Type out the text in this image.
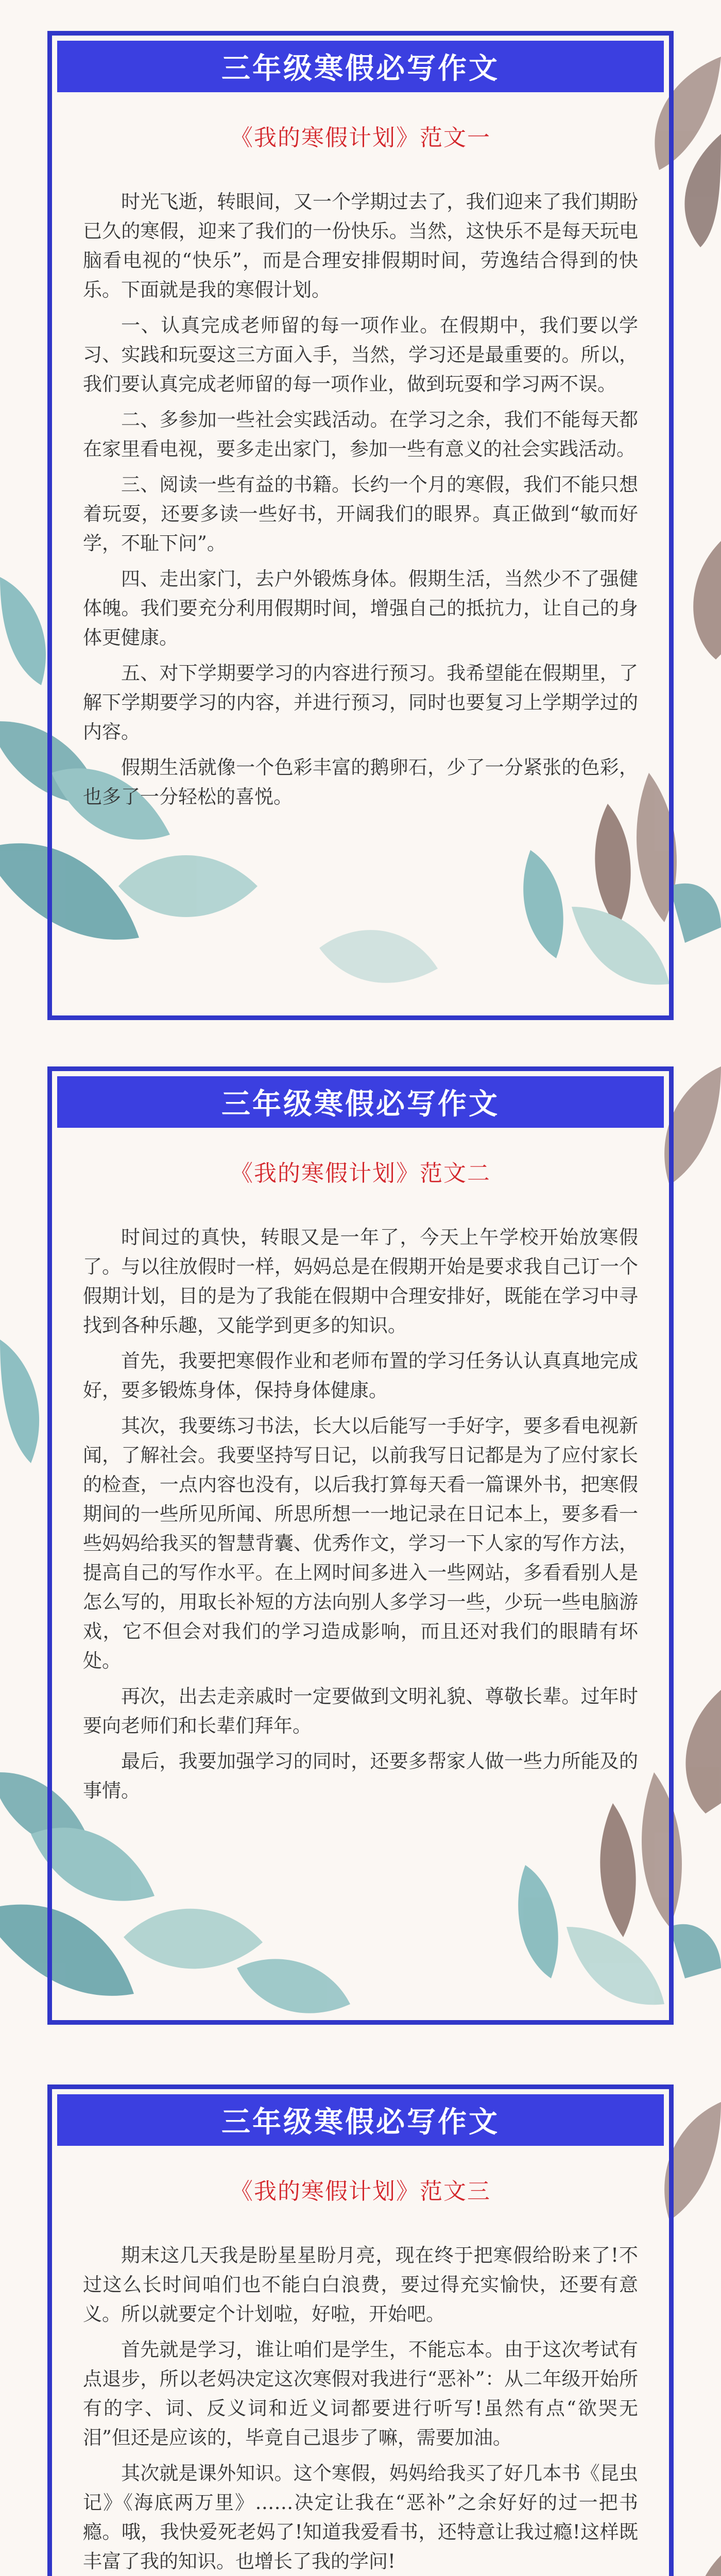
三年级寒假必写作文
《我的寒假计划》范文一

时光飞逝，转眼间，又一个学期过去了，我们迎来了我们期盼已久的寒假，迎来了我们的一份快乐。当然，这快乐不是每天玩电脑看电视的“快乐”，而是合理安排假期时间，劳逸结合得到的快乐。下面就是我的寒假计划。

一、认真完成老师留的每一项作业。在假期中，我们要以学习、实践和玩耍这三方面入手，当然，学习还是最重要的。所以，我们要认真完成老师留的每一项作业，做到玩耍和学习两不误。

二、多参加一些社会实践活动。在学习之余，我们不能每天都在家里看电视，要多走出家门，参加一些有意义的社会实践活动。

三、阅读一些有益的书籍。长约一个月的寒假，我们不能只想着玩耍，还要多读一些好书，开阔我们的眼界。真正做到“敏而好学，不耻下问”。

四、走出家门，去户外锻炼身体。假期生活，当然少不了强健体魄。我们要充分利用假期时间，增强自己的抵抗力，让自己的身体更健康。

五、对下学期要学习的内容进行预习。我希望能在假期里，了解下学期要学习的内容，并进行预习，同时也要复习上学期学过的内容。

假期生活就像一个色彩丰富的鹅卵石，少了一分紧张的色彩，也多了一分轻松的喜悦。

三年级寒假必写作文
《我的寒假计划》范文二

时间过的真快，转眼又是一年了，今天上午学校开始放寒假了。与以往放假时一样，妈妈总是在假期开始是要求我自己订一个假期计划，目的是为了我能在假期中合理安排好，既能在学习中寻找到各种乐趣，又能学到更多的知识。

首先，我要把寒假作业和老师布置的学习任务认认真真地完成好，要多锻炼身体，保持身体健康。

其次，我要练习书法，长大以后能写一手好字，要多看电视新闻，了解社会。我要坚持写日记，以前我写日记都是为了应付家长的检查，一点内容也没有，以后我打算每天看一篇课外书，把寒假期间的一些所见所闻、所思所想一一地记录在日记本上，要多看一些妈妈给我买的智慧背囊、优秀作文，学习一下人家的写作方法，提高自己的写作水平。在上网时间多进入一些网站，多看看别人是怎么写的，用取长补短的方法向别人多学习一些，少玩一些电脑游戏，它不但会对我们的学习造成影响，而且还对我们的眼睛有坏处。

再次，出去走亲戚时一定要做到文明礼貌、尊敬长辈。过年时要向老师们和长辈们拜年。

最后，我要加强学习的同时，还要多帮家人做一些力所能及的事情。

三年级寒假必写作文
《我的寒假计划》范文三

期末这几天我是盼星星盼月亮，现在终于把寒假给盼来了!不过这么长时间咱们也不能白白浪费，要过得充实愉快，还要有意义。所以就要定个计划啦，好啦，开始吧。

首先就是学习，谁让咱们是学生，不能忘本。由于这次考试有点退步，所以老妈决定这次寒假对我进行“恶补”：从二年级开始所有的字、词、反义词和近义词都要进行听写!虽然有点“欲哭无泪”但还是应该的，毕竟自己退步了嘛，需要加油。

其次就是课外知识。这个寒假，妈妈给我买了好几本书《昆虫记》《海底两万里》……决定让我在“恶补”之余好好的过一把书瘾。哦，我快爱死老妈了!知道我爱看书，还特意让我过瘾!这样既丰富了我的知识。也增长了我的学问!
